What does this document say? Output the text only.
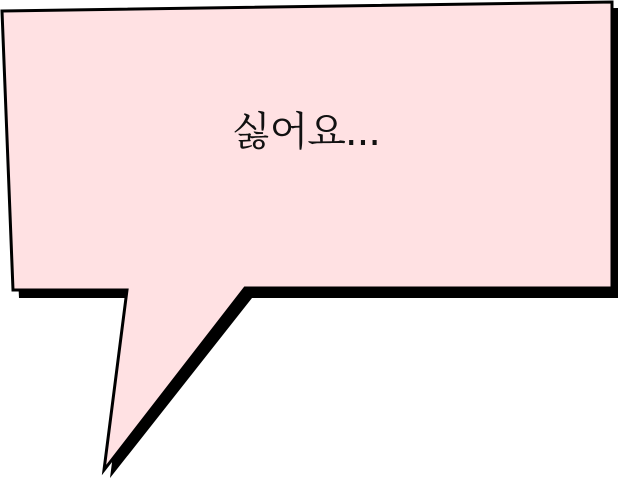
싫어요...
